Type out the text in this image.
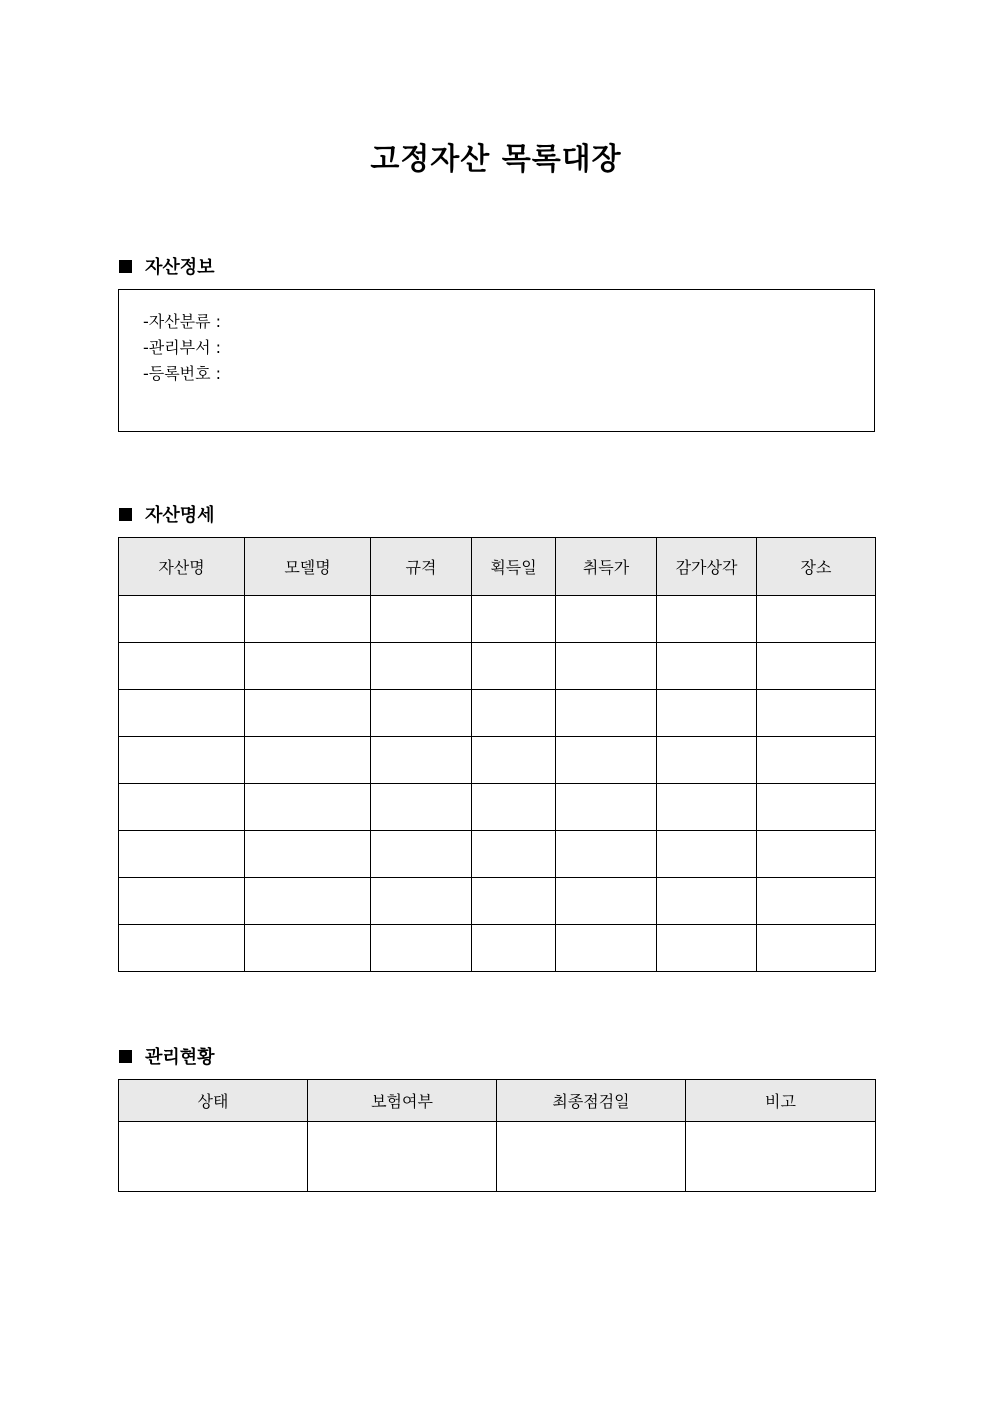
고정자산 목록대장
자산정보
-자산분류 :
-관리부서 :
-등록번호 :
자산명세
자산명	모델명	규격	획득일	취득가	감가상각	장소

관리현황
상태	보험여부	최종점검일	비고
